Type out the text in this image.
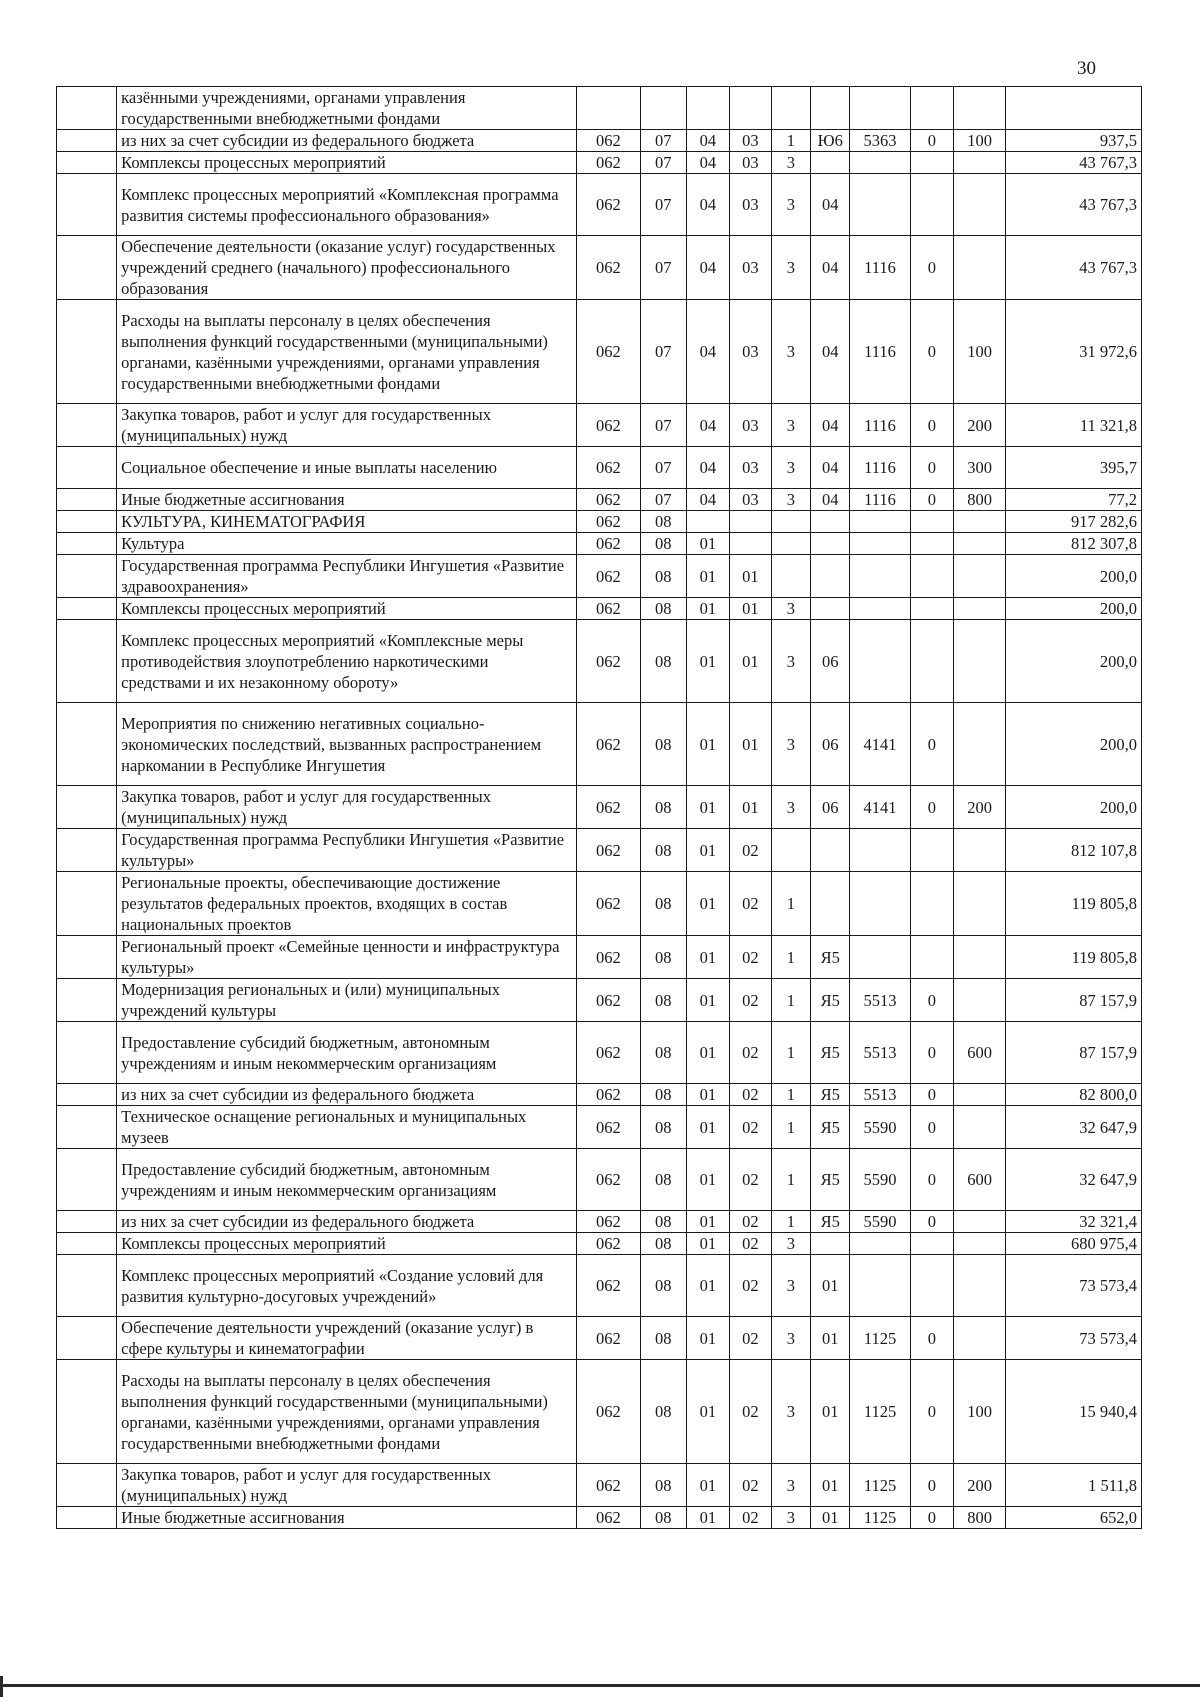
30
	казёнными учреждениями, органами управления государственными внебюджетными фондами										
	из них за счет субсидии из федерального бюджета	062	07	04	03	1	Ю6	5363	0	100	937,5
	Комплексы процессных мероприятий	062	07	04	03	3					43 767,3
	Комплекс процессных мероприятий «Комплексная программа развития системы профессионального образования»	062	07	04	03	3	04				43 767,3
	Обеспечение деятельности (оказание услуг) государственных учреждений среднего (начального) профессионального образования	062	07	04	03	3	04	1116	0		43 767,3
	Расходы на выплаты персоналу в целях обеспечения выполнения функций государственными (муниципальными) органами, казёнными учреждениями, органами управления государственными внебюджетными фондами	062	07	04	03	3	04	1116	0	100	31 972,6
	Закупка товаров, работ и услуг для государственных (муниципальных) нужд	062	07	04	03	3	04	1116	0	200	11 321,8
	Социальное обеспечение и иные выплаты населению	062	07	04	03	3	04	1116	0	300	395,7
	Иные бюджетные ассигнования	062	07	04	03	3	04	1116	0	800	77,2
	КУЛЬТУРА, КИНЕМАТОГРАФИЯ	062	08								917 282,6
	Культура	062	08	01							812 307,8
	Государственная программа Республики Ингушетия «Развитие здравоохранения»	062	08	01	01						200,0
	Комплексы процессных мероприятий	062	08	01	01	3					200,0
	Комплекс процессных мероприятий «Комплексные меры противодействия злоупотреблению наркотическими средствами и их незаконному обороту»	062	08	01	01	3	06				200,0
	Мероприятия по снижению негативных социально-экономических последствий, вызванных распространением наркомании в Республике Ингушетия	062	08	01	01	3	06	4141	0		200,0
	Закупка товаров, работ и услуг для государственных (муниципальных) нужд	062	08	01	01	3	06	4141	0	200	200,0
	Государственная программа Республики Ингушетия «Развитие культуры»	062	08	01	02						812 107,8
	Региональные проекты, обеспечивающие достижение результатов федеральных проектов, входящих в состав национальных проектов	062	08	01	02	1					119 805,8
	Региональный проект «Семейные ценности и инфраструктура культуры»	062	08	01	02	1	Я5				119 805,8
	Модернизация региональных и (или) муниципальных учреждений культуры	062	08	01	02	1	Я5	5513	0		87 157,9
	Предоставление субсидий бюджетным, автономным учреждениям и иным некоммерческим организациям	062	08	01	02	1	Я5	5513	0	600	87 157,9
	из них за счет субсидии из федерального бюджета	062	08	01	02	1	Я5	5513	0		82 800,0
	Техническое оснащение региональных и муниципальных музеев	062	08	01	02	1	Я5	5590	0		32 647,9
	Предоставление субсидий бюджетным, автономным учреждениям и иным некоммерческим организациям	062	08	01	02	1	Я5	5590	0	600	32 647,9
	из них за счет субсидии из федерального бюджета	062	08	01	02	1	Я5	5590	0		32 321,4
	Комплексы процессных мероприятий	062	08	01	02	3					680 975,4
	Комплекс процессных мероприятий «Создание условий для развития культурно-досуговых учреждений»	062	08	01	02	3	01				73 573,4
	Обеспечение деятельности учреждений (оказание услуг) в сфере культуры и кинематографии	062	08	01	02	3	01	1125	0		73 573,4
	Расходы на выплаты персоналу в целях обеспечения выполнения функций государственными (муниципальными) органами, казёнными учреждениями, органами управления государственными внебюджетными фондами	062	08	01	02	3	01	1125	0	100	15 940,4
	Закупка товаров, работ и услуг для государственных (муниципальных) нужд	062	08	01	02	3	01	1125	0	200	1 511,8
	Иные бюджетные ассигнования	062	08	01	02	3	01	1125	0	800	652,0
